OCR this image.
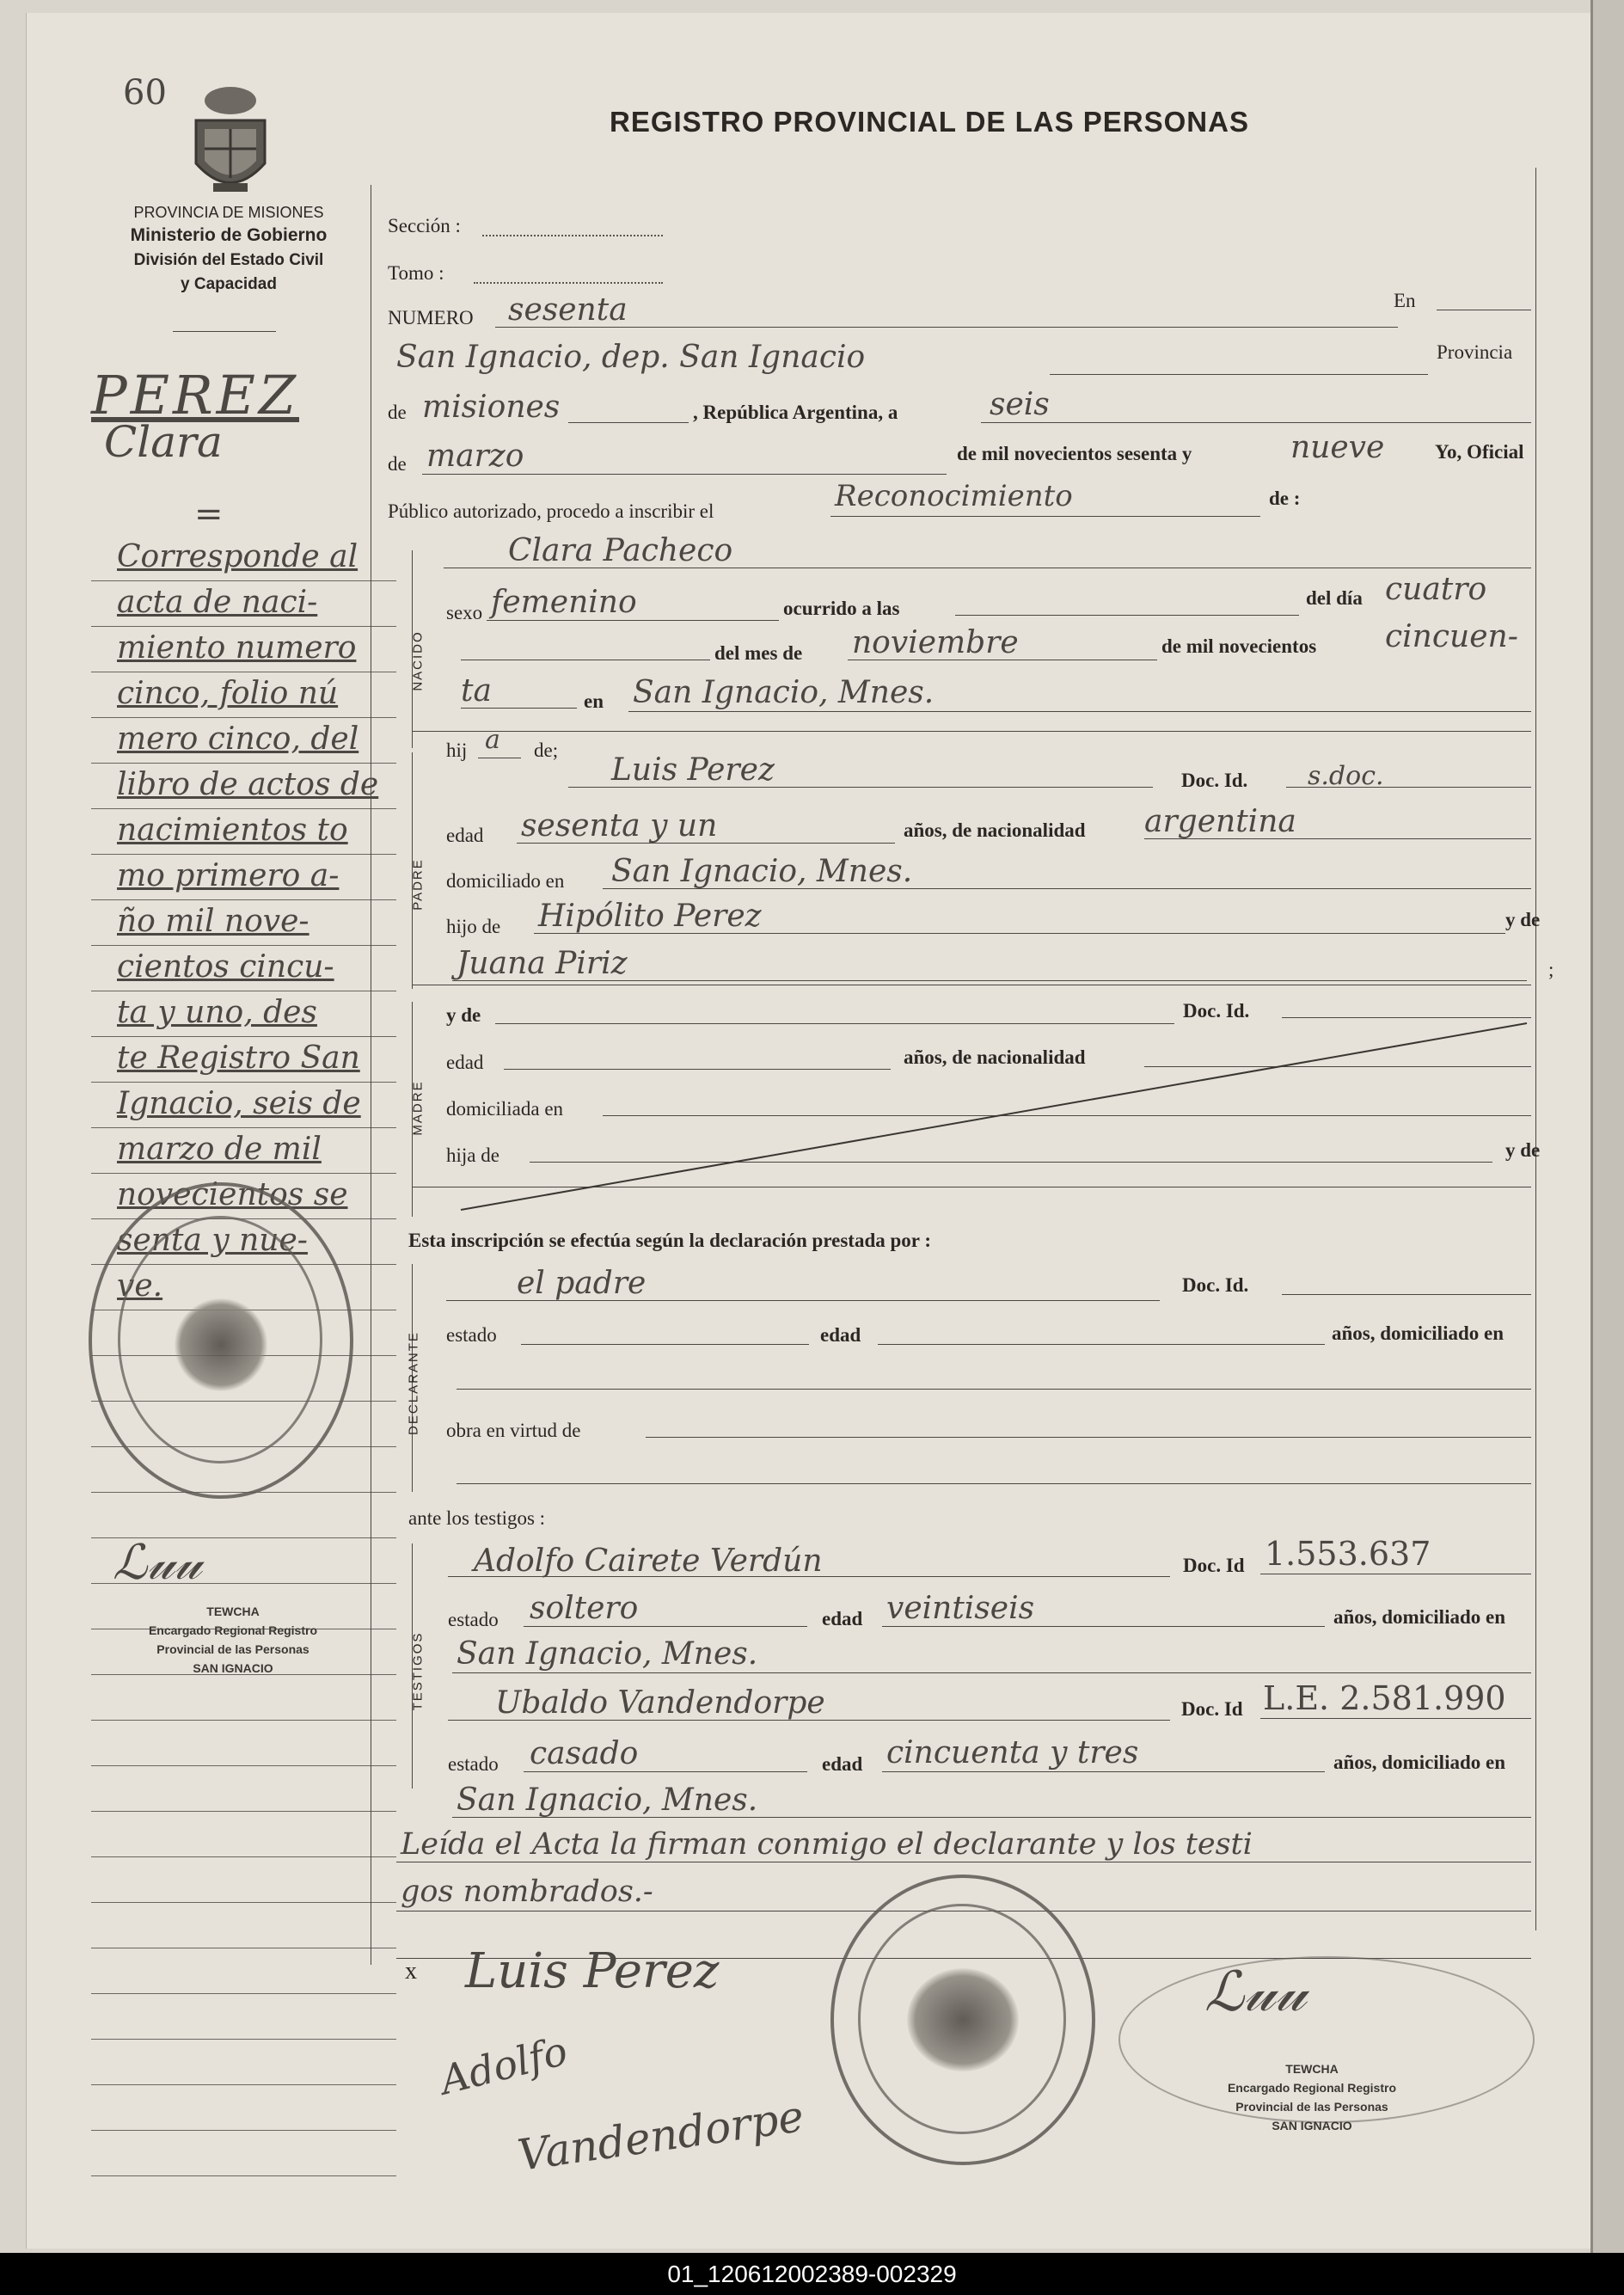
60
REGISTRO PROVINCIAL DE LAS PERSONAS
PROVINCIA DE MISIONES
Ministerio de Gobierno
División del Estado Civil
y Capacidad
PEREZ
Clara
=
Corresponde al
acta de naci-
miento numero
cinco, folio nú
mero cinco, del
libro de actos de
nacimientos to
mo primero a-
ño mil nove-
cientos cincu-
ta y uno, des
te Registro San
Ignacio, seis de
marzo de mil
novecientos se
senta y nue-
ve.
ℒ𝓊𝓊
TEWCHA
Encargado Regional Registro
Provincial de las Personas
SAN IGNACIO
Sección :
Tomo :
NUMERO sesenta	En
San Ignacio, dep. San Ignacio	Provincia
de misiones	, República Argentina, a	seis
de marzo	de mil novecientos sesenta y	nueve	Yo, Oficial
Público autorizado, procedo a inscribir el	Reconocimiento	de :
NACIDO
Clara Pacheco
sexo femenino	ocurrido a las	del día cuatro
del mes de noviembre	de mil novecientos cincuen-
ta	en San Ignacio, Mnes.
hij a de;
PADRE
Luis Perez	Doc. Id. s.doc.
edad sesenta y un	años, de nacionalidad argentina
domiciliado en San Ignacio, Mnes.
hijo de Hipólito Perez	y de
Juana Piriz	;
MADRE
y de	Doc. Id.
edad	años, de nacionalidad
domiciliada en
hija de	y de
Esta inscripción se efectúa según la declaración prestada por :
DECLARANTE
el padre	Doc. Id.
estado	edad	años, domiciliado en
obra en virtud de
ante los testigos :
TESTIGOS
Adolfo Cairete Verdún	Doc. Id 1.553.637
estado soltero	edad veintiseis	años, domiciliado en
San Ignacio, Mnes.
Ubaldo Vandendorpe	Doc. Id L.E. 2.581.990
estado casado	edad cincuenta y tres	años, domiciliado en
San Ignacio, Mnes.
Leída el Acta la firman conmigo el declarante y los testi
gos nombrados.-
x Luis Perez
Adolfo
Vandendorpe
ℒ𝓊𝓊
TEWCHA
Encargado Regional Registro
Provincial de las Personas
SAN IGNACIO
01_120612002389-002329
